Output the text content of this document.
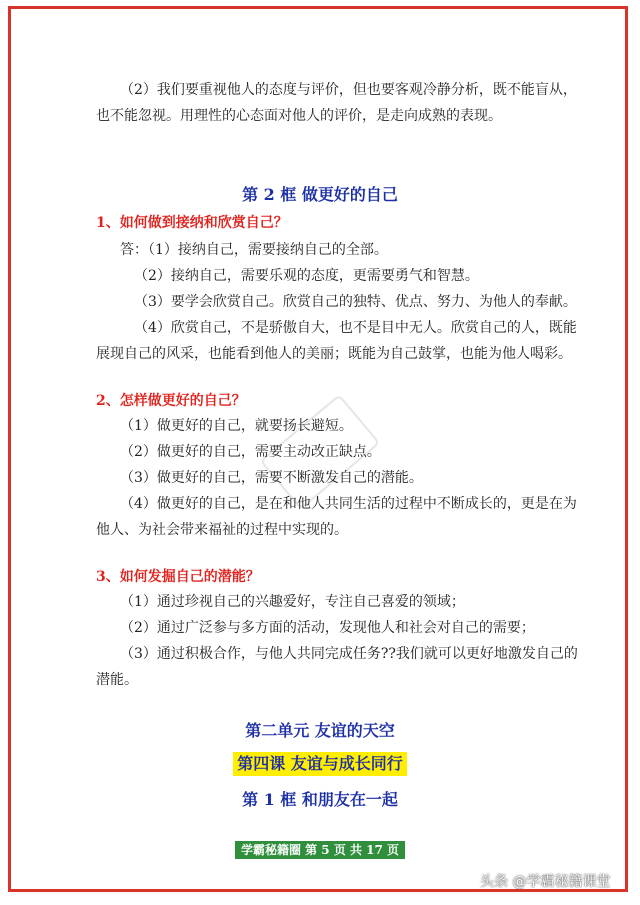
（2）我们要重视他人的态度与评价，但也要客观冷静分析，既不能盲从，
也不能忽视。用理性的心态面对他人的评价，是走向成熟的表现。
第 2 框 做更好的自己
1、如何做到接纳和欣赏自己？
答：（1）接纳自己，需要接纳自己的全部。
（2）接纳自己，需要乐观的态度，更需要勇气和智慧。
（3）要学会欣赏自己。欣赏自己的独特、优点、努力、为他人的奉献。
（4）欣赏自己，不是骄傲自大，也不是目中无人。欣赏自己的人，既能
展现自己的风采，也能看到他人的美丽；既能为自己鼓掌，也能为他人喝彩。
2、怎样做更好的自己？
（1）做更好的自己，就要扬长避短。
（2）做更好的自己，需要主动改正缺点。
（3）做更好的自己，需要不断激发自己的潜能。
（4）做更好的自己，是在和他人共同生活的过程中不断成长的，更是在为
他人、为社会带来福祉的过程中实现的。
3、如何发掘自己的潜能？
（1）通过珍视自己的兴趣爱好，专注自己喜爱的领域；
（2）通过广泛参与多方面的活动，发现他人和社会对自己的需要；
（3）通过积极合作，与他人共同完成任务??我们就可以更好地激发自己的
潜能。
第二单元 友谊的天空
第四课 友谊与成长同行
第 1 框 和朋友在一起
学霸秘籍圈 第 5 页 共 17 页
头条 @学霸秘籍课堂
